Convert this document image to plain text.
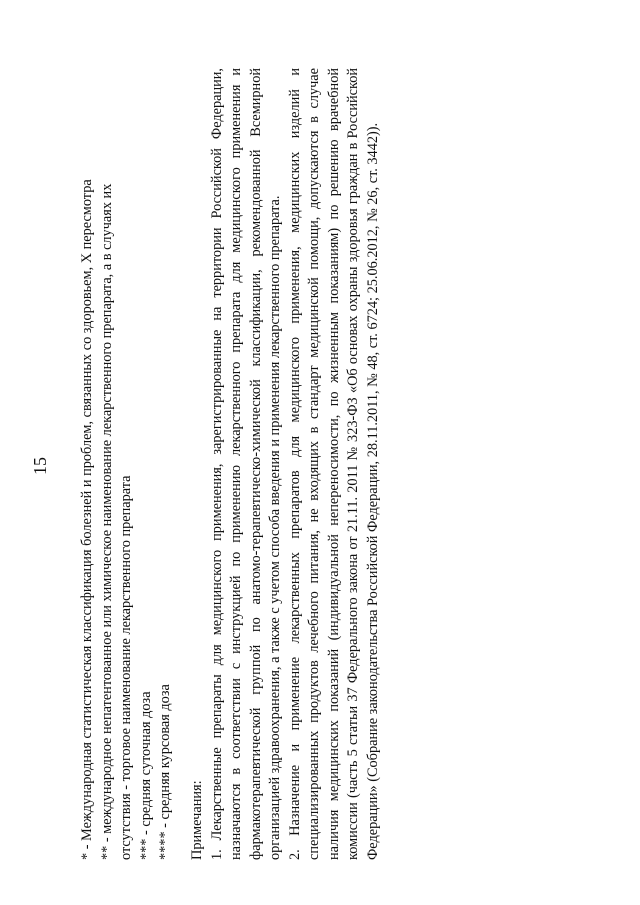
15 * - Международная статистическая классификация болезней и проблем, связанных со здоровьем, X пересмотра ** - международное непатентованное или химическое наименование лекарственного препарата, а в случаях их отсутствия - торговое наименование лекарственного препарата *** - средняя суточная доза **** - средняя курсовая доза Примечания: 1. Лекарственные препараты для медицинского применения, зарегистрированные на территории Российской Федерации, назначаются в соответствии с инструкцией по применению лекарственного препарата для медицинского применения и фармакотерапевтической группой по анатомо-терапевтическо-химической классификации, рекомендованной Всемирной организацией здравоохранения, а также с учетом способа введения и применения лекарственного препарата. 2. Назначение и применение лекарственных препаратов для медицинского применения, медицинских изделий и специализированных продуктов лечебного питания, не входящих в стандарт медицинской помощи, допускаются в случае наличия медицинских показаний (индивидуальной непереносимости, по жизненным показаниям) по решению врачебной комиссии (часть 5 статьи 37 Федерального закона от 21.11. 2011 № 323-ФЗ «Об основах охраны здоровья граждан в Российской Федерации» (Собрание законодательства Российской Федерации, 28.11.2011, № 48, ст. 6724; 25.06.2012, № 26, ст. 3442)).
